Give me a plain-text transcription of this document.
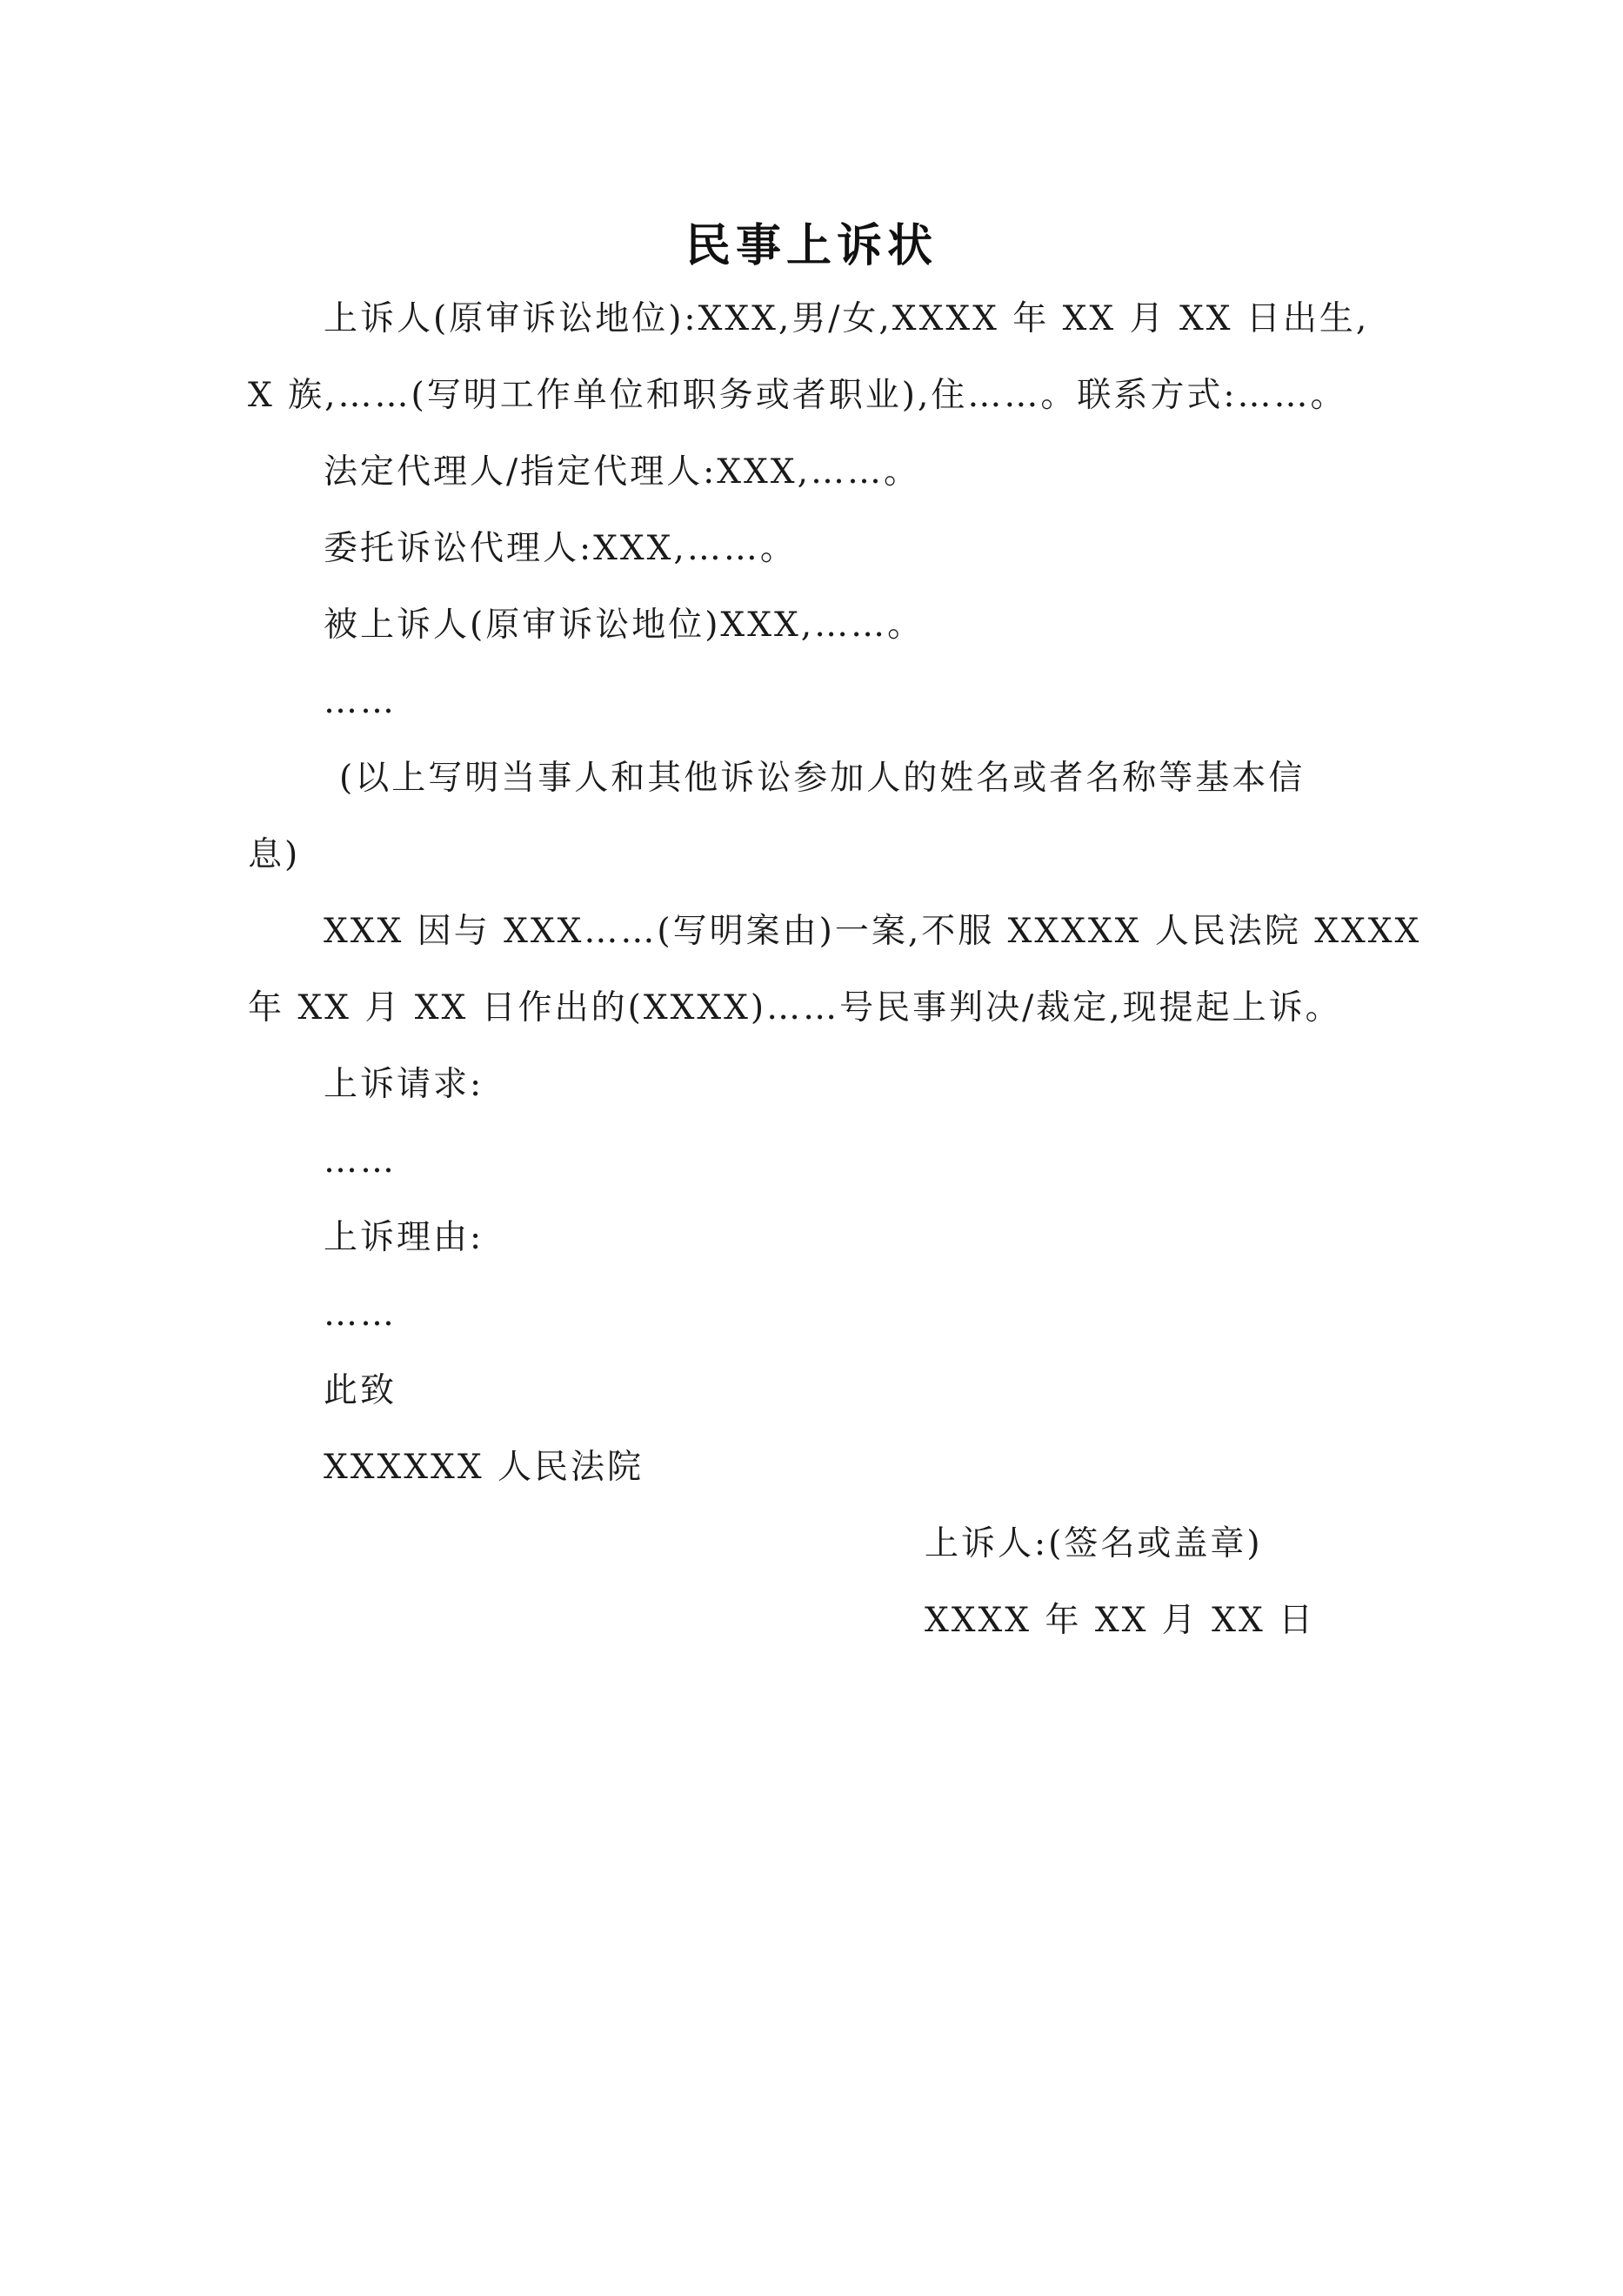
民事上诉状
上诉人(原审诉讼地位):XXX,男/女,XXXX 年 XX 月 XX 日出生,
X 族,……(写明工作单位和职务或者职业),住……。联系方式:……。
法定代理人/指定代理人:XXX,……。
委托诉讼代理人:XXX,……。
被上诉人(原审诉讼地位)XXX,……。
……
(以上写明当事人和其他诉讼参加人的姓名或者名称等基本信
息)
XXX 因与 XXX……(写明案由)一案,不服 XXXXX 人民法院 XXXX
年 XX 月 XX 日作出的(XXXX)……号民事判决/裁定,现提起上诉。
上诉请求:
……
上诉理由:
……
此致
XXXXXX 人民法院
上诉人:(签名或盖章)
XXXX 年 XX 月 XX 日
